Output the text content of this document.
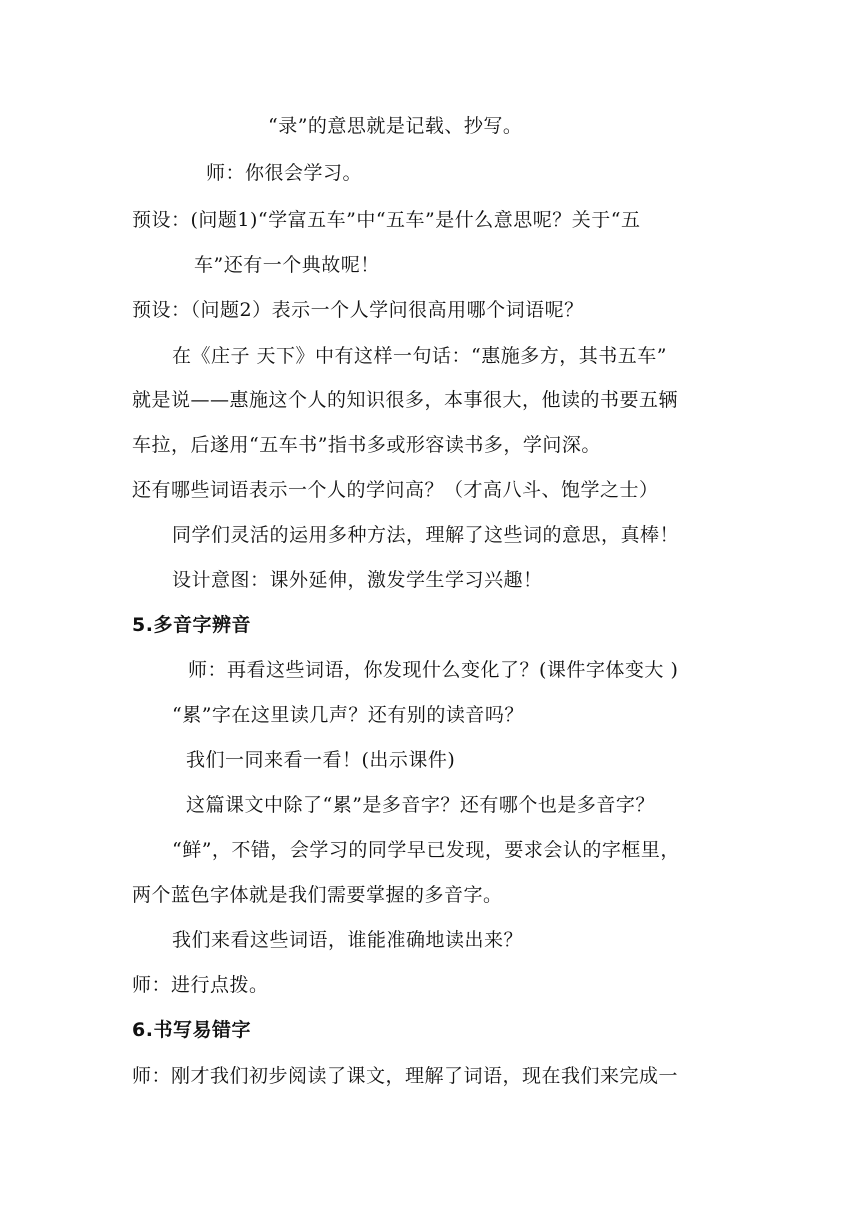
“录”的意思就是记载、抄写。
师：你很会学习。
预设：(问题1)“学富五车”中“五车”是什么意思呢？关于“五
车”还有一个典故呢！
预设：（问题2）表示一个人学问很高用哪个词语呢？
在《庄子 天下》中有这样一句话：“惠施多方，其书五车”
就是说——惠施这个人的知识很多，本事很大，他读的书要五辆
车拉，后遂用“五车书”指书多或形容读书多，学问深。
还有哪些词语表示一个人的学问高？（才高八斗、饱学之士）
同学们灵活的运用多种方法，理解了这些词的意思，真棒！
设计意图：课外延伸，激发学生学习兴趣！
5.多音字辨音
师：再看这些词语，你发现什么变化了？(课件字体变大 )
“累”字在这里读几声？还有别的读音吗？
我们一同来看一看！(出示课件)
这篇课文中除了“累”是多音字？还有哪个也是多音字？
“鲜”，不错，会学习的同学早已发现，要求会认的字框里，
两个蓝色字体就是我们需要掌握的多音字。
我们来看这些词语，谁能准确地读出来？
师：进行点拨。
6.书写易错字
师：刚才我们初步阅读了课文，理解了词语，现在我们来完成一
